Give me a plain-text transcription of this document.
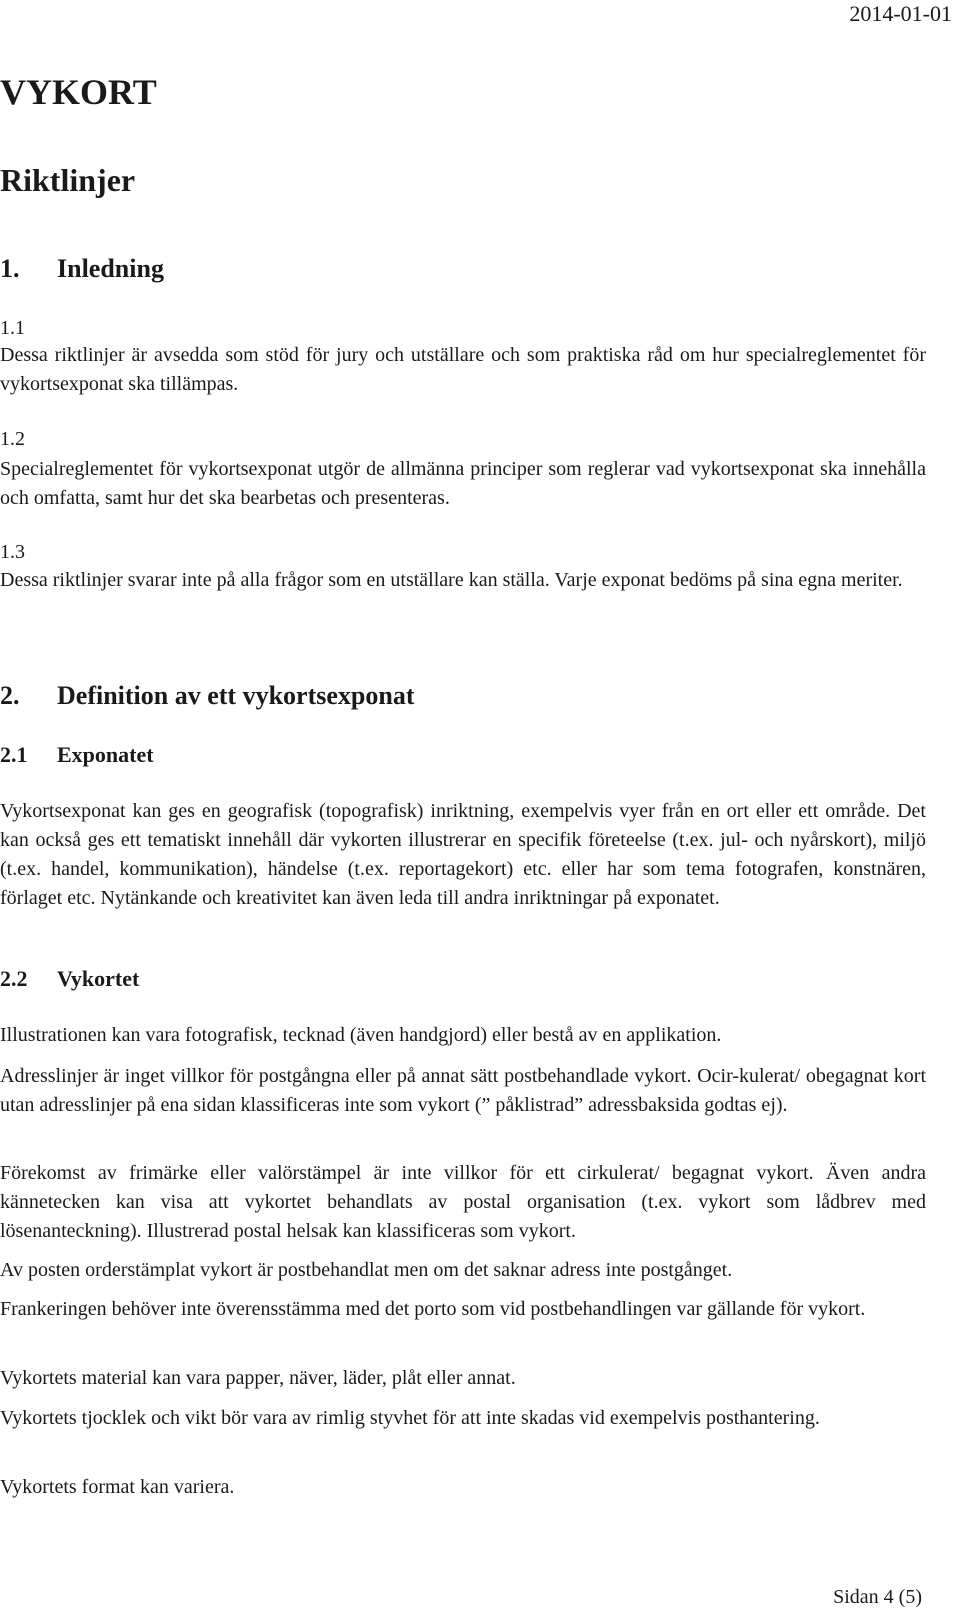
2014-01-01
VYKORT
Riktlinjer
1. Inledning
1.1

Dessa riktlinjer är avsedda som stöd för jury och utställare och som praktiska råd om hur specialreglementet för vykortsexponat ska tillämpas.

1.2

Specialreglementet för vykortsexponat utgör de allmänna principer som reglerar vad vykortsexponat ska innehålla och omfatta, samt hur det ska bearbetas och presenteras.

1.3

Dessa riktlinjer svarar inte på alla frågor som en utställare kan ställa. Varje exponat bedöms på sina egna meriter.

2. Definition av ett vykortsexponat
2.1 Exponatet

Vykortsexponat kan ges en geografisk (topografisk) inriktning, exempelvis vyer från en ort eller ett område. Det kan också ges ett tematiskt innehåll där vykorten illustrerar en specifik företeelse (t.ex. jul- och nyårskort), miljö (t.ex. handel, kommunikation), händelse (t.ex. reportagekort) etc. eller har som tema fotografen, konstnären, förlaget etc. Nytänkande och kreativitet kan även leda till andra inriktningar på exponatet.

2.2 Vykortet

Illustrationen kan vara fotografisk, tecknad (även handgjord) eller bestå av en applikation.

Adresslinjer är inget villkor för postgångna eller på annat sätt postbehandlade vykort. Ocir-kulerat/ obegagnat kort utan adresslinjer på ena sidan klassificeras inte som vykort (” påklistrad” adressbaksida godtas ej).

Förekomst av frimärke eller valörstämpel är inte villkor för ett cirkulerat/ begagnat vykort. Även andra kännetecken kan visa att vykortet behandlats av postal organisation (t.ex. vykort som lådbrev med lösenanteckning). Illustrerad postal helsak kan klassificeras som vykort.

Av posten orderstämplat vykort är postbehandlat men om det saknar adress inte postgånget.

Frankeringen behöver inte överensstämma med det porto som vid postbehandlingen var gällande för vykort.

Vykortets material kan vara papper, näver, läder, plåt eller annat.

Vykortets tjocklek och vikt bör vara av rimlig styvhet för att inte skadas vid exempelvis posthantering.

Vykortets format kan variera.

Sidan 4 (5)
